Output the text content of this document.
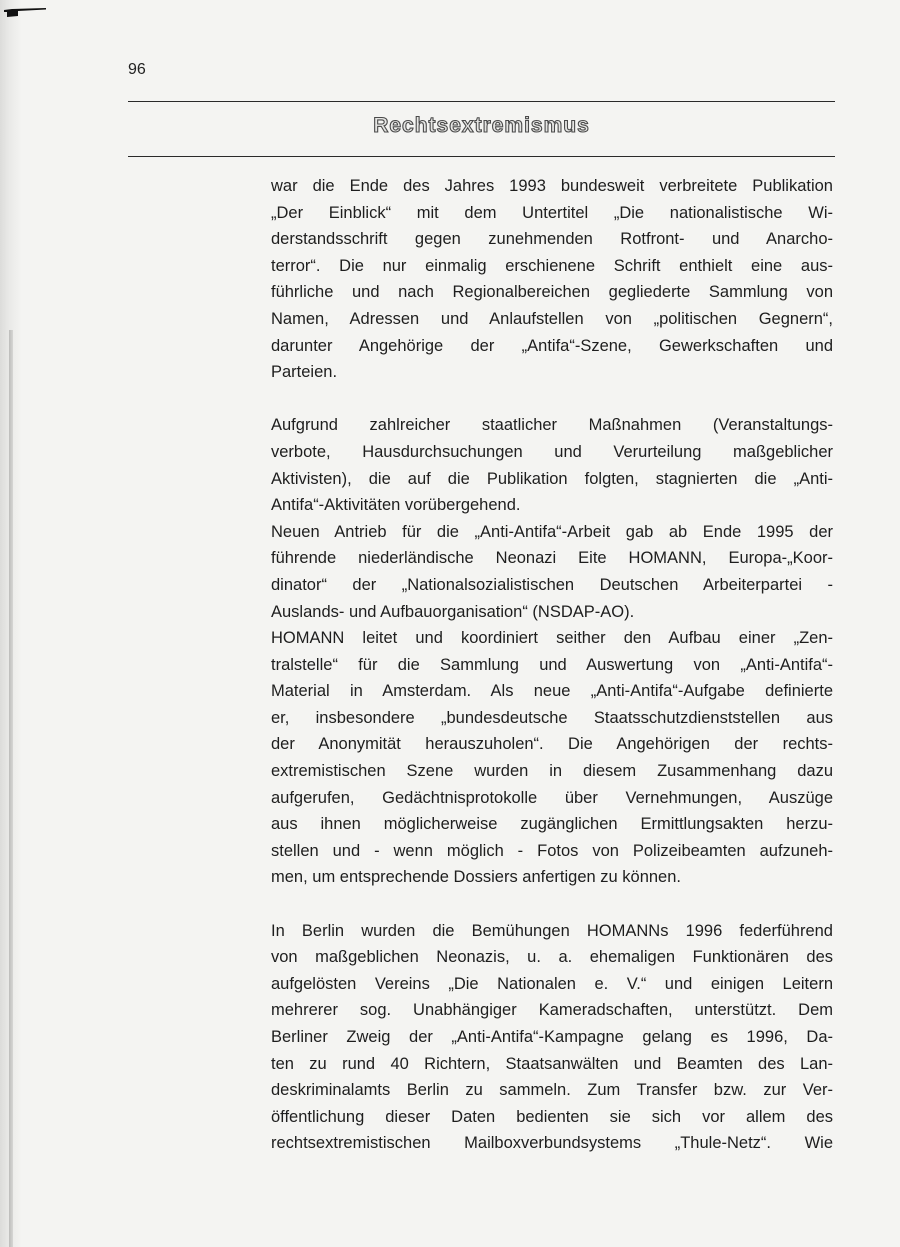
96
Rechtsextremismus

war die Ende des Jahres 1993 bundesweit verbreitete Publikation
„Der Einblick“ mit dem Untertitel „Die nationalistische Wi-
derstandsschrift gegen zunehmenden Rotfront- und Anarcho-
terror“. Die nur einmalig erschienene Schrift enthielt eine aus-
führliche und nach Regionalbereichen gegliederte Sammlung von
Namen, Adressen und Anlaufstellen von „politischen Gegnern“,
darunter Angehörige der „Antifa“-Szene, Gewerkschaften und
Parteien.

Aufgrund zahlreicher staatlicher Maßnahmen (Veranstaltungs-
verbote, Hausdurchsuchungen und Verurteilung maßgeblicher
Aktivisten), die auf die Publikation folgten, stagnierten die „Anti-
Antifa“-Aktivitäten vorübergehend.

Neuen Antrieb für die „Anti-Antifa“-Arbeit gab ab Ende 1995 der
führende niederländische Neonazi Eite HOMANN, Europa-„Koor-
dinator“ der „Nationalsozialistischen Deutschen Arbeiterpartei -
Auslands- und Aufbauorganisation“ (NSDAP-AO).

HOMANN leitet und koordiniert seither den Aufbau einer „Zen-
tralstelle“ für die Sammlung und Auswertung von „Anti-Antifa“-
Material in Amsterdam. Als neue „Anti-Antifa“-Aufgabe definierte
er, insbesondere „bundesdeutsche Staatsschutzdienststellen aus
der Anonymität herauszuholen“. Die Angehörigen der rechts-
extremistischen Szene wurden in diesem Zusammenhang dazu
aufgerufen, Gedächtnisprotokolle über Vernehmungen, Auszüge
aus ihnen möglicherweise zugänglichen Ermittlungsakten herzu-
stellen und - wenn möglich - Fotos von Polizeibeamten aufzuneh-
men, um entsprechende Dossiers anfertigen zu können.

In Berlin wurden die Bemühungen HOMANNs 1996 federführend
von maßgeblichen Neonazis, u. a. ehemaligen Funktionären des
aufgelösten Vereins „Die Nationalen e. V.“ und einigen Leitern
mehrerer sog. Unabhängiger Kameradschaften, unterstützt. Dem
Berliner Zweig der „Anti-Antifa“-Kampagne gelang es 1996, Da-
ten zu rund 40 Richtern, Staatsanwälten und Beamten des Lan-
deskriminalamts Berlin zu sammeln. Zum Transfer bzw. zur Ver-
öffentlichung dieser Daten bedienten sie sich vor allem des
rechtsextremistischen Mailboxverbundsystems „Thule-Netz“. Wie
